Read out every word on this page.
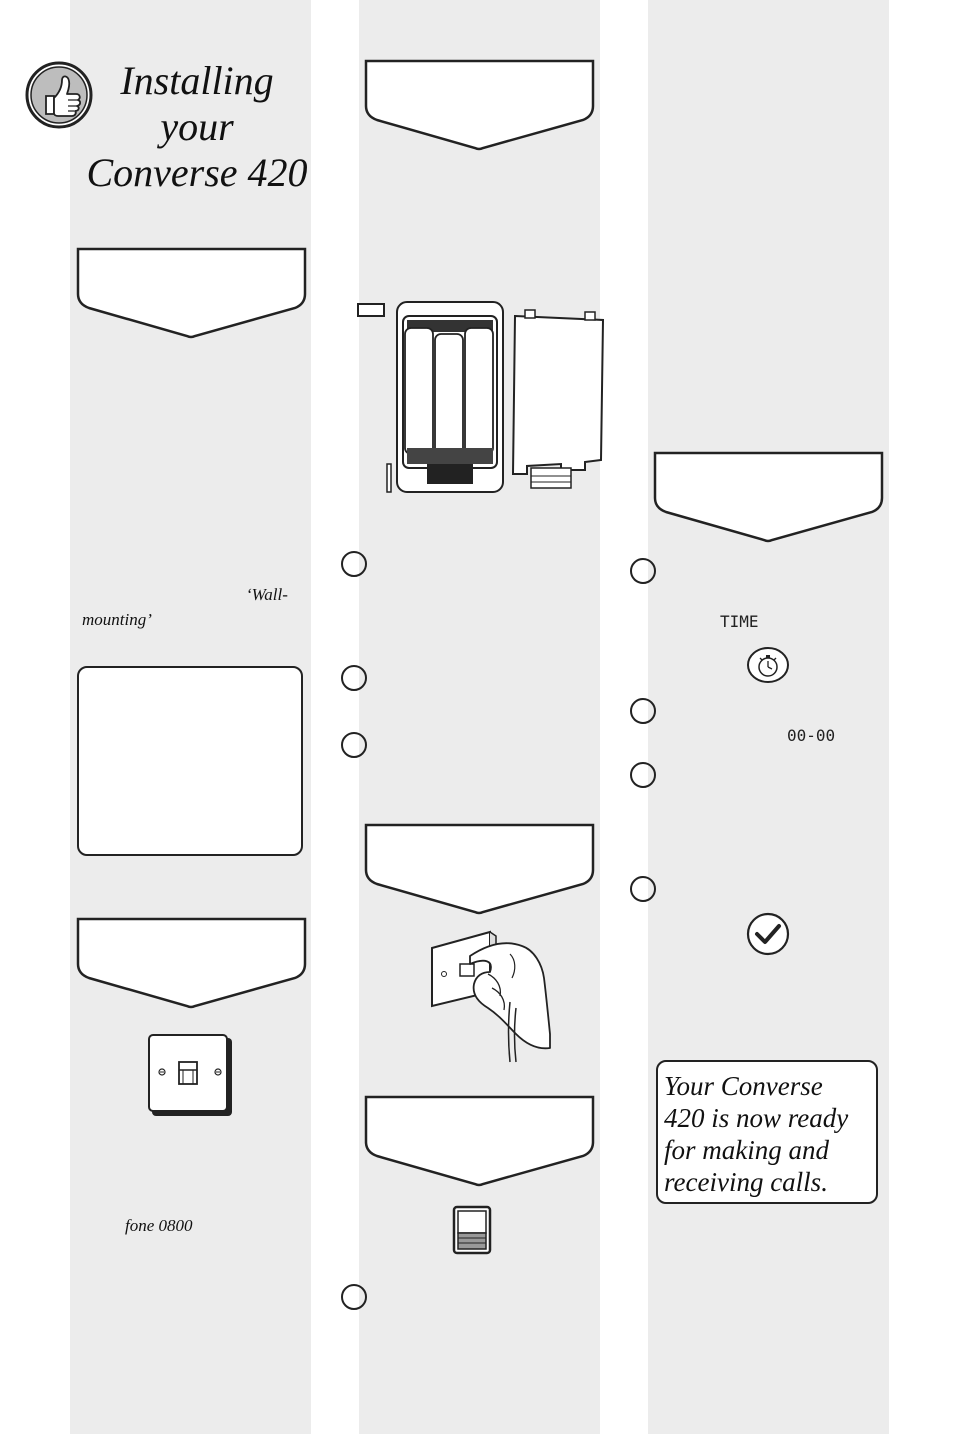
Installing
your
Converse 420
‘Wall-
mounting’
fone 0800
TIME
00-00
Your Converse 420 is now ready for making and receiving calls.
